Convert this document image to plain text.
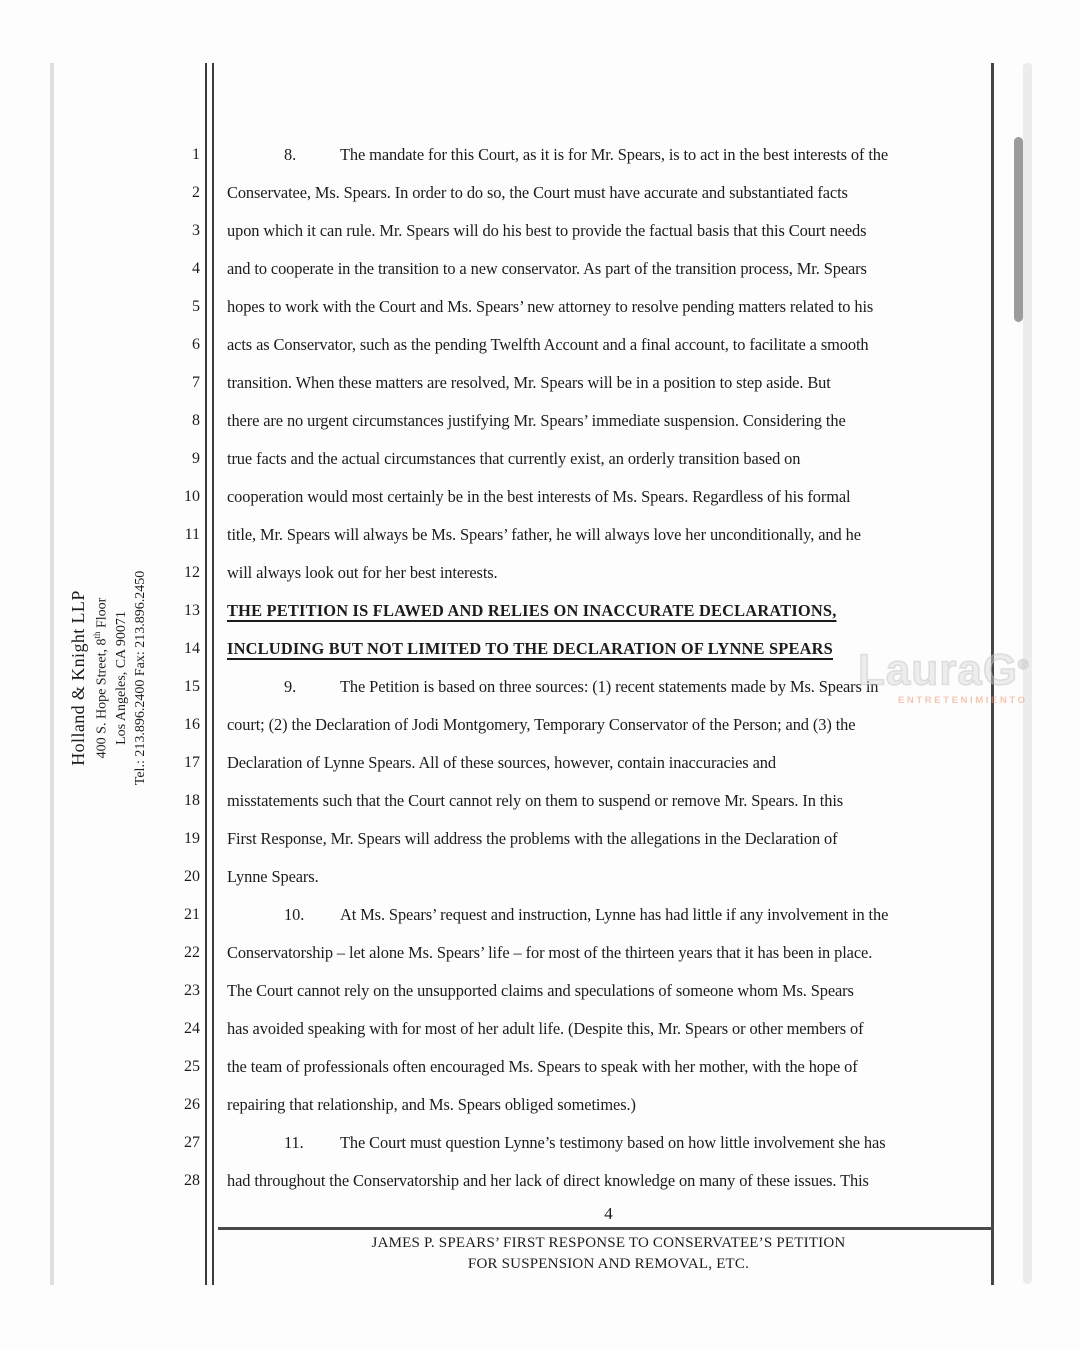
Holland & Knight LLP 400 S. Hope Street, 8th Floor Los Angeles, CA 90071 Tel.: 213.896.2400 Fax: 213.896.2450
1	8.	The mandate for this Court, as it is for Mr. Spears, is to act in the best interests of the
2 Conservatee, Ms. Spears. In order to do so, the Court must have accurate and substantiated facts
3 upon which it can rule. Mr. Spears will do his best to provide the factual basis that this Court needs
4 and to cooperate in the transition to a new conservator. As part of the transition process, Mr. Spears
5 hopes to work with the Court and Ms. Spears’ new attorney to resolve pending matters related to his
6 acts as Conservator, such as the pending Twelfth Account and a final account, to facilitate a smooth
7 transition. When these matters are resolved, Mr. Spears will be in a position to step aside. But
8 there are no urgent circumstances justifying Mr. Spears’ immediate suspension. Considering the
9 true facts and the actual circumstances that currently exist, an orderly transition based on
10 cooperation would most certainly be in the best interests of Ms. Spears. Regardless of his formal
11 title, Mr. Spears will always be Ms. Spears’ father, he will always love her unconditionally, and he
12 will always look out for her best interests.
13 THE PETITION IS FLAWED AND RELIES ON INACCURATE DECLARATIONS,
14 INCLUDING BUT NOT LIMITED TO THE DECLARATION OF LYNNE SPEARS
15	9.	The Petition is based on three sources: (1) recent statements made by Ms. Spears in
16 court; (2) the Declaration of Jodi Montgomery, Temporary Conservator of the Person; and (3) the
17 Declaration of Lynne Spears. All of these sources, however, contain inaccuracies and
18 misstatements such that the Court cannot rely on them to suspend or remove Mr. Spears. In this
19 First Response, Mr. Spears will address the problems with the allegations in the Declaration of
20 Lynne Spears.
21	10. At Ms. Spears’ request and instruction, Lynne has had little if any involvement in the
22 Conservatorship – let alone Ms. Spears’ life – for most of the thirteen years that it has been in place.
23 The Court cannot rely on the unsupported claims and speculations of someone whom Ms. Spears
24 has avoided speaking with for most of her adult life. (Despite this, Mr. Spears or other members of
25 the team of professionals often encouraged Ms. Spears to speak with her mother, with the hope of
26 repairing that relationship, and Ms. Spears obliged sometimes.)
27	11. The Court must question Lynne’s testimony based on how little involvement she has
28 had throughout the Conservatorship and her lack of direct knowledge on many of these issues. This
4
JAMES P. SPEARS’ FIRST RESPONSE TO CONSERVATEE’S PETITION
FOR SUSPENSION AND REMOVAL, ETC.
LauraG®
ENTRETENIMIENTO
